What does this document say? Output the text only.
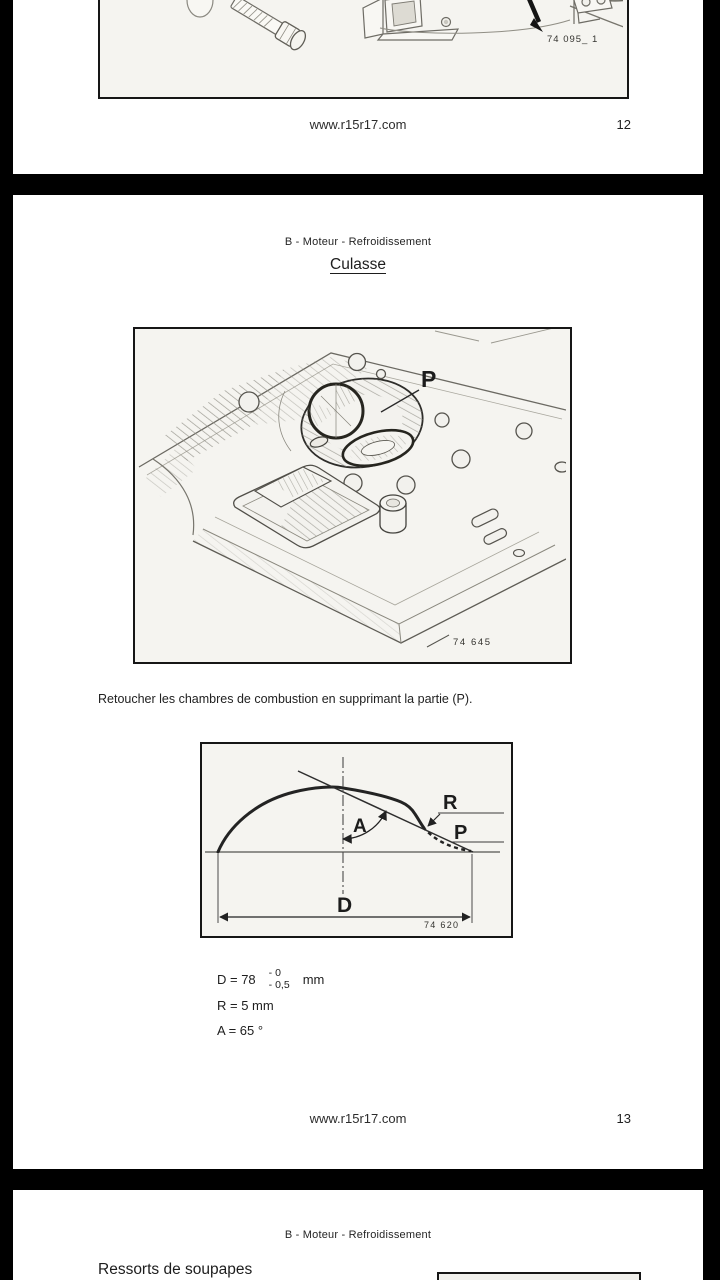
74 095_ 1
www.r15r17.com	12
B - Moteur - Refroidissement
Culasse
P
74 645
Retoucher les chambres de combustion en supprimant la partie (P).
A
R
P
D
74 620
D = 78 - 0
- 0,5 mm
R = 5 mm
A = 65 °
www.r15r17.com	13
B - Moteur - Refroidissement
Ressorts de soupapes
